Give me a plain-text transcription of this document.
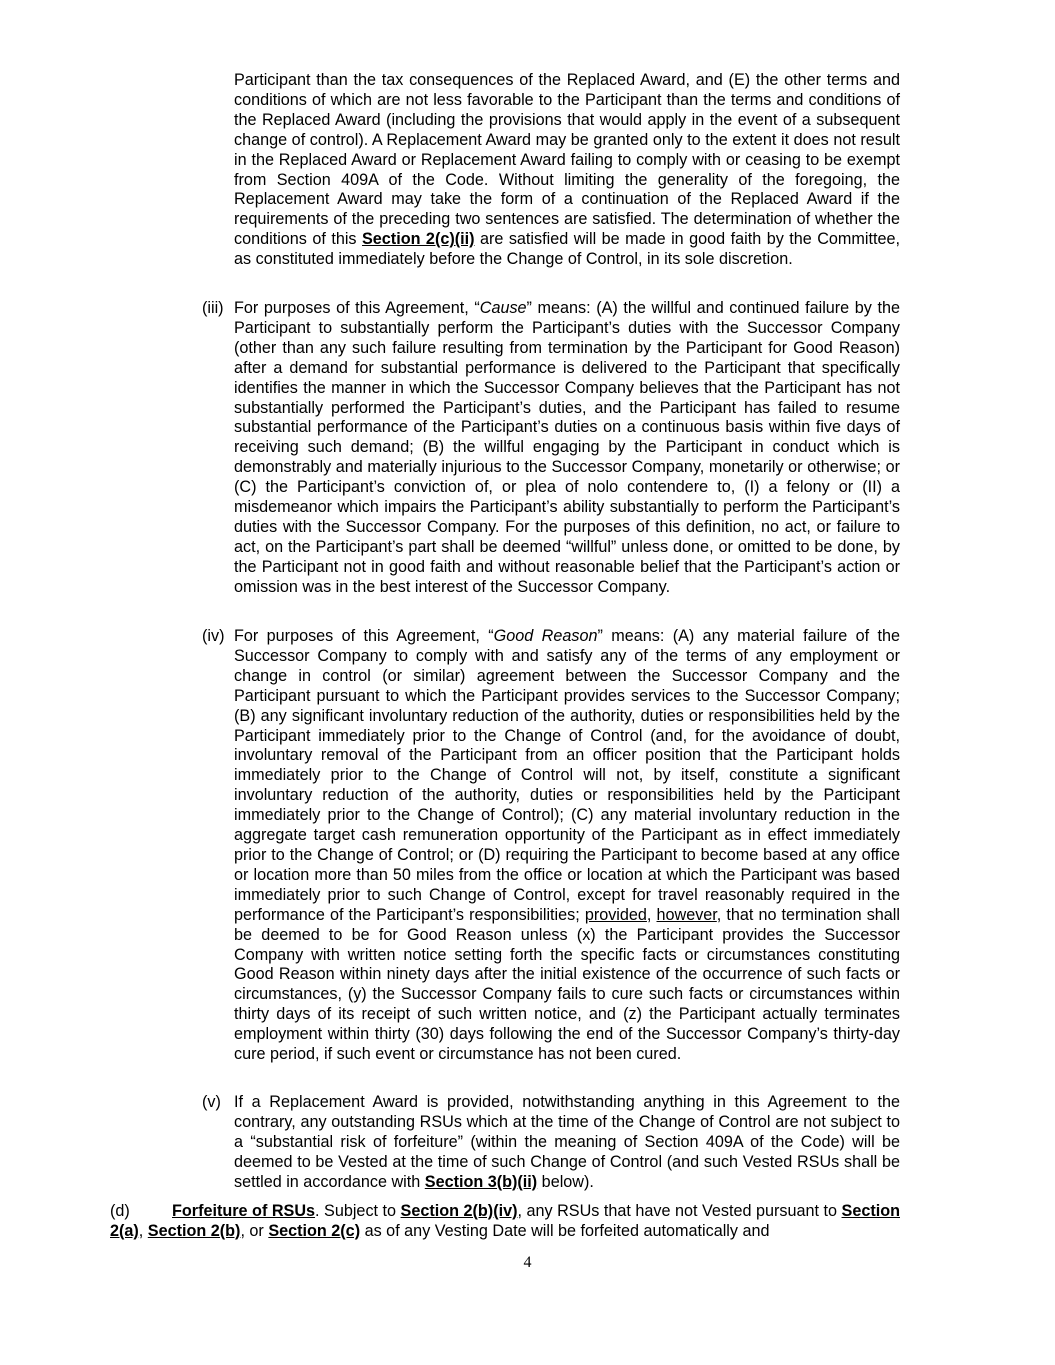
Participant than the tax consequences of the Replaced Award, and (E) the other terms and conditions of which are not less favorable to the Participant than the terms and conditions of the Replaced Award (including the provisions that would apply in the event of a subsequent change of control). A Replacement Award may be granted only to the extent it does not result in the Replaced Award or Replacement Award failing to comply with or ceasing to be exempt from Section 409A of the Code. Without limiting the generality of the foregoing, the Replacement Award may take the form of a continuation of the Replaced Award if the requirements of the preceding two sentences are satisfied. The determination of whether the conditions of this Section 2(c)(ii) are satisfied will be made in good faith by the Committee, as constituted immediately before the Change of Control, in its sole discretion.
(iii) For purposes of this Agreement, “Cause” means: (A) the willful and continued failure by the Participant to substantially perform the Participant’s duties with the Successor Company (other than any such failure resulting from termination by the Participant for Good Reason) after a demand for substantial performance is delivered to the Participant that specifically identifies the manner in which the Successor Company believes that the Participant has not substantially performed the Participant’s duties, and the Participant has failed to resume substantial performance of the Participant’s duties on a continuous basis within five days of receiving such demand; (B) the willful engaging by the Participant in conduct which is demonstrably and materially injurious to the Successor Company, monetarily or otherwise; or (C) the Participant’s conviction of, or plea of nolo contendere to, (I) a felony or (II) a misdemeanor which impairs the Participant’s ability substantially to perform the Participant’s duties with the Successor Company. For the purposes of this definition, no act, or failure to act, on the Participant’s part shall be deemed “willful” unless done, or omitted to be done, by the Participant not in good faith and without reasonable belief that the Participant’s action or omission was in the best interest of the Successor Company.
(iv) For purposes of this Agreement, “Good Reason” means: (A) any material failure of the Successor Company to comply with and satisfy any of the terms of any employment or change in control (or similar) agreement between the Successor Company and the Participant pursuant to which the Participant provides services to the Successor Company; (B) any significant involuntary reduction of the authority, duties or responsibilities held by the Participant immediately prior to the Change of Control (and, for the avoidance of doubt, involuntary removal of the Participant from an officer position that the Participant holds immediately prior to the Change of Control will not, by itself, constitute a significant involuntary reduction of the authority, duties or responsibilities held by the Participant immediately prior to the Change of Control); (C) any material involuntary reduction in the aggregate target cash remuneration opportunity of the Participant as in effect immediately prior to the Change of Control; or (D) requiring the Participant to become based at any office or location more than 50 miles from the office or location at which the Participant was based immediately prior to such Change of Control, except for travel reasonably required in the performance of the Participant’s responsibilities; provided, however, that no termination shall be deemed to be for Good Reason unless (x) the Participant provides the Successor Company with written notice setting forth the specific facts or circumstances constituting Good Reason within ninety days after the initial existence of the occurrence of such facts or circumstances, (y) the Successor Company fails to cure such facts or circumstances within thirty days of its receipt of such written notice, and (z) the Participant actually terminates employment within thirty (30) days following the end of the Successor Company’s thirty-day cure period, if such event or circumstance has not been cured.
(v) If a Replacement Award is provided, notwithstanding anything in this Agreement to the contrary, any outstanding RSUs which at the time of the Change of Control are not subject to a “substantial risk of forfeiture” (within the meaning of Section 409A of the Code) will be deemed to be Vested at the time of such Change of Control (and such Vested RSUs shall be settled in accordance with Section 3(b)(ii) below).
(d)	Forfeiture of RSUs. Subject to Section 2(b)(iv), any RSUs that have not Vested pursuant to Section 2(a), Section 2(b), or Section 2(c) as of any Vesting Date will be forfeited automatically and
4
